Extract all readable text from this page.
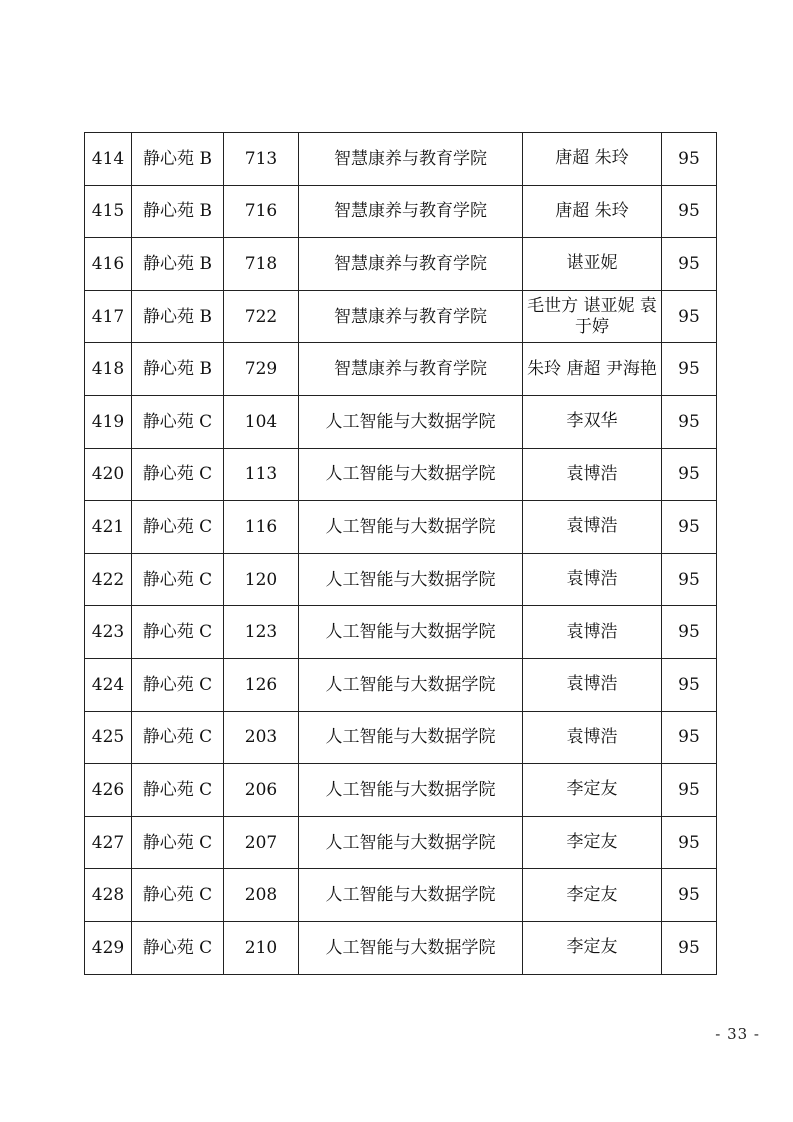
414	静心苑 B	713	智慧康养与教育学院	唐超 朱玲	95
415	静心苑 B	716	智慧康养与教育学院	唐超 朱玲	95
416	静心苑 B	718	智慧康养与教育学院	谌亚妮	95
417	静心苑 B	722	智慧康养与教育学院	毛世方 谌亚妮 袁于婷	95
418	静心苑 B	729	智慧康养与教育学院	朱玲 唐超 尹海艳	95
419	静心苑 C	104	人工智能与大数据学院	李双华	95
420	静心苑 C	113	人工智能与大数据学院	袁博浩	95
421	静心苑 C	116	人工智能与大数据学院	袁博浩	95
422	静心苑 C	120	人工智能与大数据学院	袁博浩	95
423	静心苑 C	123	人工智能与大数据学院	袁博浩	95
424	静心苑 C	126	人工智能与大数据学院	袁博浩	95
425	静心苑 C	203	人工智能与大数据学院	袁博浩	95
426	静心苑 C	206	人工智能与大数据学院	李定友	95
427	静心苑 C	207	人工智能与大数据学院	李定友	95
428	静心苑 C	208	人工智能与大数据学院	李定友	95
429	静心苑 C	210	人工智能与大数据学院	李定友	95
- 33 -
